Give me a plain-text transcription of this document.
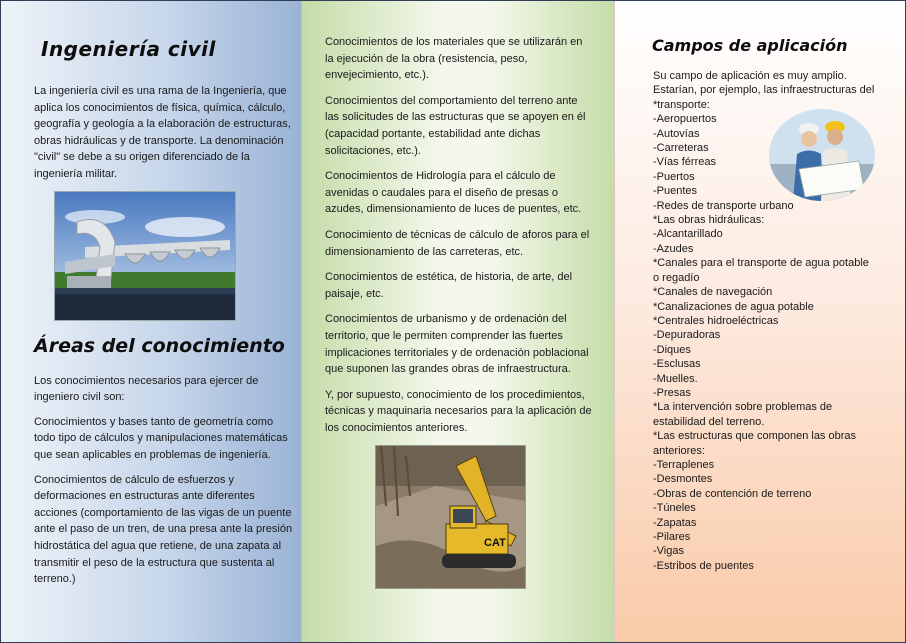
Ingeniería civil

La ingeniería civil es una rama de la Ingeniería, que aplica los conocimientos de física, química, cálculo, geografía y geología a la elaboración de estructuras, obras hidráulicas y de transporte. La denominación "civil" se debe a su origen diferenciado de la ingeniería militar.

Áreas del conocimiento

Los conocimientos necesarios para ejercer de ingeniero civil son:

Conocimientos y bases tanto de geometría como todo tipo de cálculos y manipulaciones matemáticas que sean aplicables en problemas de ingeniería.

Conocimientos de cálculo de esfuerzos y deformaciones en estructuras ante diferentes acciones (comportamiento de las vigas de un puente ante el paso de un tren, de una presa ante la presión hidrostática del agua que retiene, de una zapata al transmitir el peso de la estructura que sustenta al terreno.)

Conocimientos de los materiales que se utilizarán en la ejecución de la obra (resistencia, peso, envejecimiento, etc.).

Conocimientos del comportamiento del terreno ante las solicitudes de las estructuras que se apoyen en él (capacidad portante, estabilidad ante dichas solicitaciones, etc.).

Conocimientos de Hidrología para el cálculo de avenidas o caudales para el diseño de presas o azudes, dimensionamiento de luces de puentes, etc.

Conocimiento de técnicas de cálculo de aforos para el dimensionamiento de las carreteras, etc.

Conocimientos de estética, de historia, de arte, del paisaje, etc.

Conocimientos de urbanismo y de ordenación del territorio, que le permiten comprender las fuertes implicaciones territoriales y de ordenación poblacional que suponen las grandes obras de infraestructura.

Y, por supuesto, conocimiento de los procedimientos, técnicas y maquinaria necesarios para la aplicación de los conocimientos anteriores.

CAT
Campos de aplicación

Su campo de aplicación es muy amplio. Estarían, por ejemplo, las infraestructuras del

*transporte:
-Aeropuertos
-Autovías
-Carreteras
-Vías férreas
-Puertos
-Puentes
-Redes de transporte urbano
*Las obras hidráulicas:
-Alcantarillado
-Azudes
*Canales para el transporte de agua potable o regadío
*Canales de navegación
*Canalizaciones de agua potable
*Centrales hidroeléctricas
-Depuradoras
-Diques
-Esclusas
-Muelles.
-Presas
*La intervención sobre problemas de estabilidad del terreno.
*Las estructuras que componen las obras anteriores:
-Terraplenes
-Desmontes
-Obras de contención de terreno
-Túneles
-Zapatas
-Pilares
-Vigas
-Estribos de puentes
